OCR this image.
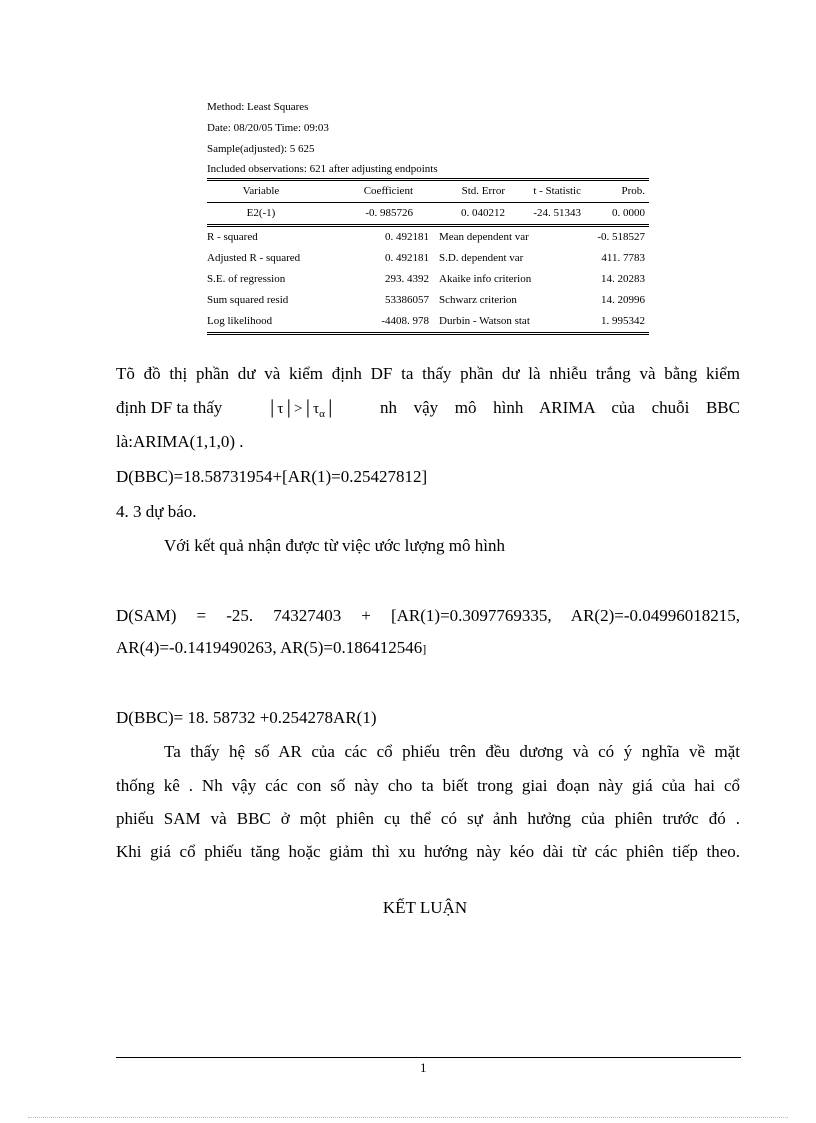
Method: Least Squares
Date: 08/20/05 Time: 09:03
Sample(adjusted): 5 625
Included observations: 621 after adjusting endpoints
Variable	Coefficient	Std. Error	t - Statistic	Prob.
E2(-1)	-0. 985726	0. 040212	-24. 51343	0. 0000
R - squared	0. 492181	Mean dependent var	-0. 518527
Adjusted R - squared	0. 492181	S.D. dependent var	411. 7783
S.E. of regression	293. 4392	Akaike info criterion	14. 20283
Sum squared resid	53386057	Schwarz criterion	14. 20996
Log likelihood	-4408. 978	Durbin - Watson stat	1. 995342
Tõ đồ thị phần dư và kiểm định DF ta thấy phần dư là nhiễu trắng và bằng kiểm
định DF ta thấy	$│\tau│>│\tau_\alpha│$	nh vậy mô hình ARIMA của chuỗi BBC
là:ARIMA(1,1,0) .
D(BBC)=18.58731954+[AR(1)=0.25427812]
4. 3 dự báo.
Với kết quả nhận được từ việc ước lượng mô hình
D(SAM) = -25. 74327403 + [AR(1)=0.3097769335, AR(2)=-0.04996018215,
AR(4)=-0.1419490263, AR(5)=0.186412546]
D(BBC)= 18. 58732 +0.254278AR(1)
Ta thấy hệ số AR của các cổ phiếu trên đều dương và có ý nghĩa về mặt
thống kê . Nh vậy các con số này cho ta biết trong giai đoạn này giá của hai cổ
phiếu SAM và BBC ở một phiên cụ thể có sự ảnh hưởng của phiên trước đó .
Khi giá cổ phiếu tăng hoặc giảm thì xu hướng này kéo dài từ các phiên tiếp theo.
KẾT LUẬN
1
